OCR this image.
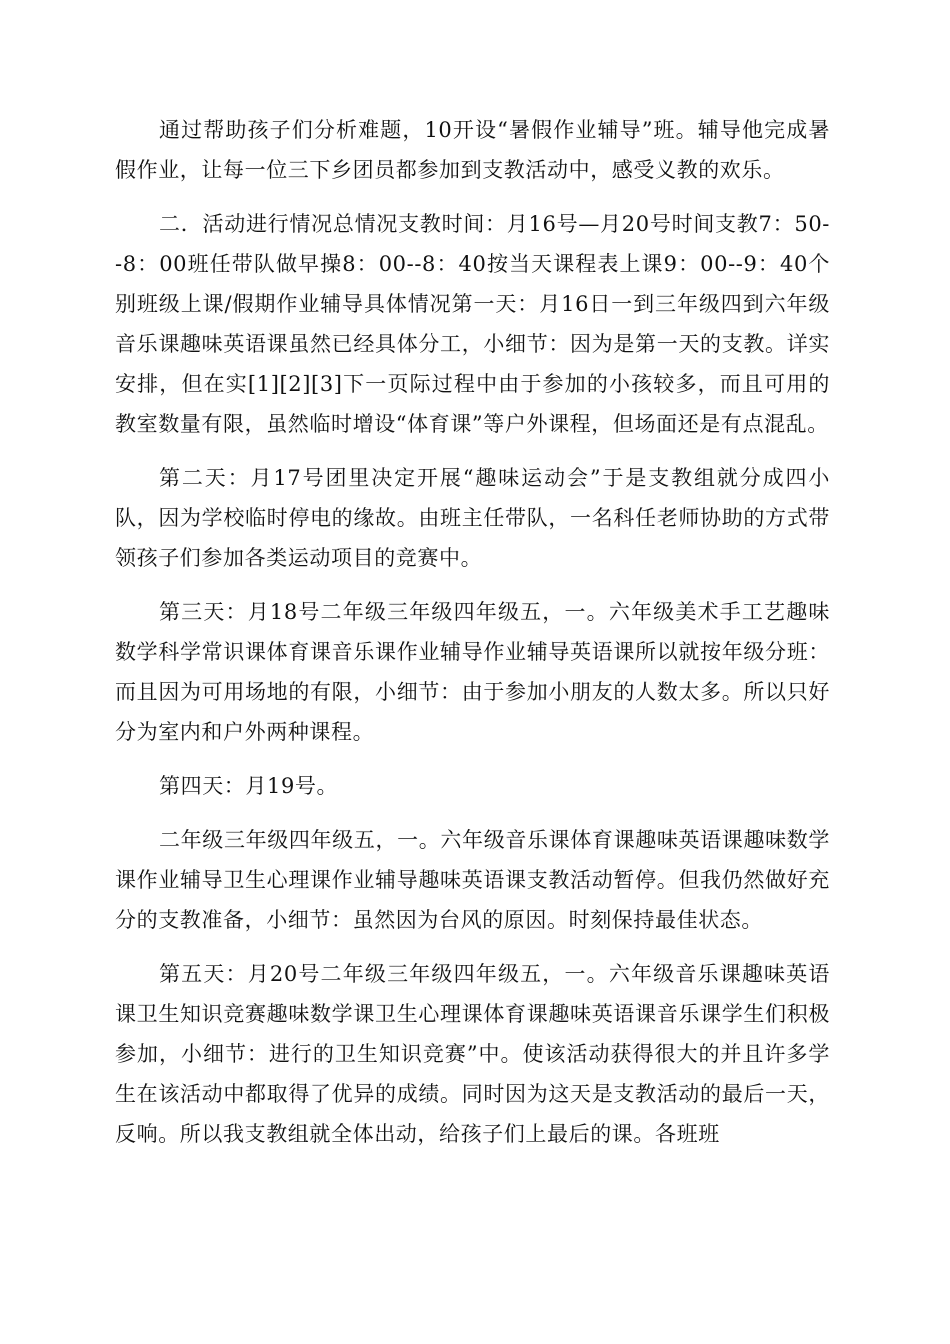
通过帮助孩子们分析难题，10开设“暑假作业辅导”班。辅导他完成暑假作业，让每一位三下乡团员都参加到支教活动中，感受义教的欢乐。

二．活动进行情况总情况支教时间：月16号—月20号时间支教7：50--8：00班任带队做早操8：00--8：40按当天课程表上课9：00--9：40个别班级上课/假期作业辅导具体情况第一天：月16日一到三年级四到六年级音乐课趣味英语课虽然已经具体分工，小细节：因为是第一天的支教。详实安排，但在实[1][2][3]下一页际过程中由于参加的小孩较多，而且可用的教室数量有限，虽然临时增设“体育课”等户外课程，但场面还是有点混乱。

第二天：月17号团里决定开展“趣味运动会”于是支教组就分成四小队，因为学校临时停电的缘故。由班主任带队，一名科任老师协助的方式带领孩子们参加各类运动项目的竞赛中。

第三天：月18号二年级三年级四年级五，一。六年级美术手工艺趣味数学科学常识课体育课音乐课作业辅导作业辅导英语课所以就按年级分班：而且因为可用场地的有限，小细节：由于参加小朋友的人数太多。所以只好分为室内和户外两种课程。

第四天：月19号。

二年级三年级四年级五，一。六年级音乐课体育课趣味英语课趣味数学课作业辅导卫生心理课作业辅导趣味英语课支教活动暂停。但我仍然做好充分的支教准备，小细节：虽然因为台风的原因。时刻保持最佳状态。

第五天：月20号二年级三年级四年级五，一。六年级音乐课趣味英语课卫生知识竞赛趣味数学课卫生心理课体育课趣味英语课音乐课学生们积极参加，小细节：进行的卫生知识竞赛”中。使该活动获得很大的并且许多学生在该活动中都取得了优异的成绩。同时因为这天是支教活动的最后一天，反响。所以我支教组就全体出动，给孩子们上最后的课。各班班
